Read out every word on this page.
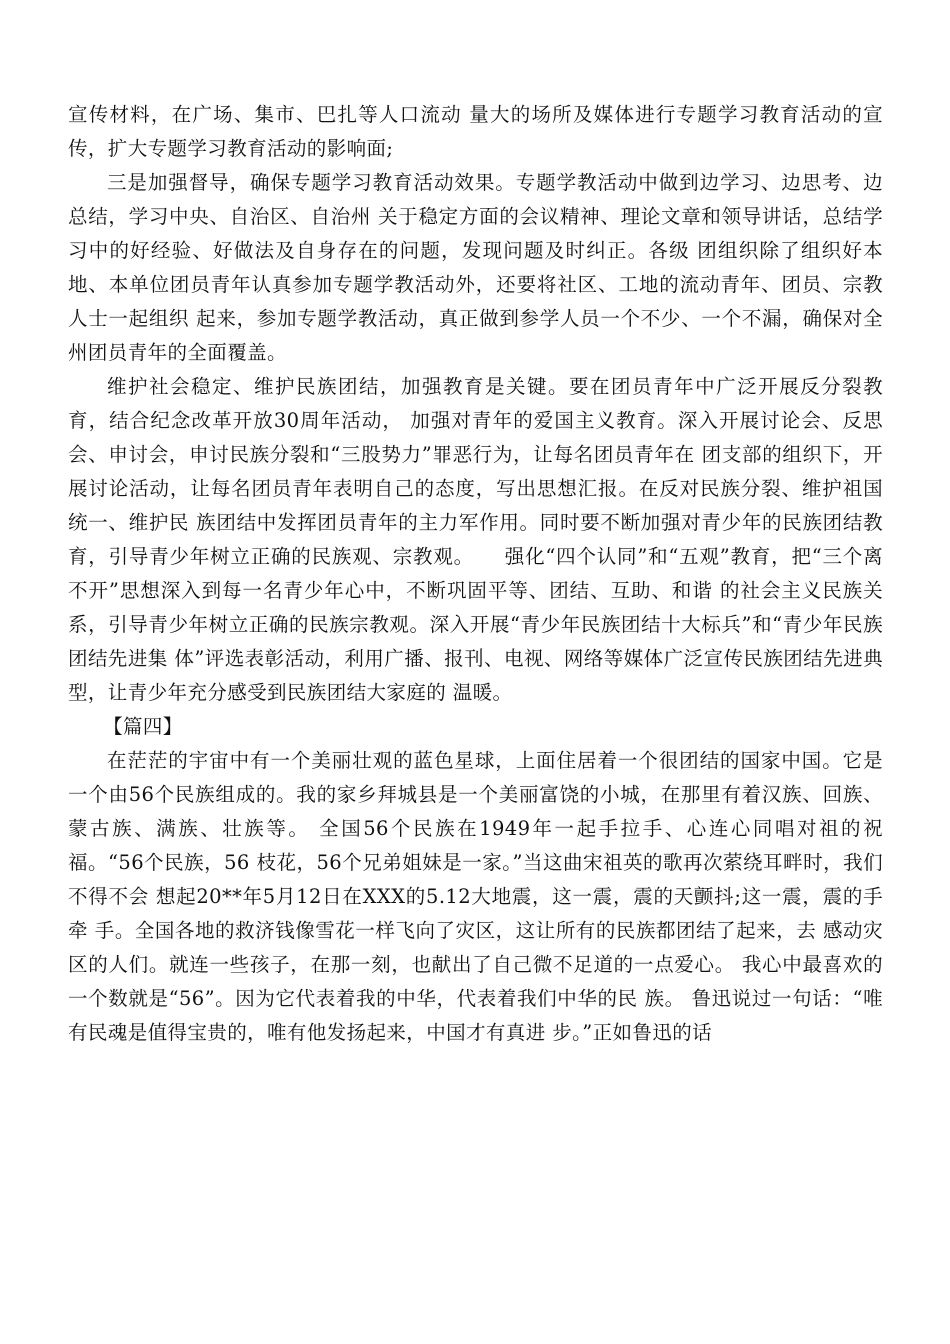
宣传材料，在广场、集市、巴扎等人口流动 量大的场所及媒体进行专题学习教育活动的宣传，扩大专题学习教育活动的影响面;

三是加强督导，确保专题学习教育活动效果。专题学教活动中做到边学习、边思考、边总结，学习中央、自治区、自治州 关于稳定方面的会议精神、理论文章和领导讲话，总结学习中的好经验、好做法及自身存在的问题，发现问题及时纠正。各级 团组织除了组织好本地、本单位团员青年认真参加专题学教活动外，还要将社区、工地的流动青年、团员、宗教人士一起组织 起来，参加专题学教活动，真正做到参学人员一个不少、一个不漏，确保对全州团员青年的全面覆盖。

维护社会稳定、维护民族团结，加强教育是关键。要在团员青年中广泛开展反分裂教育，结合纪念改革开放30周年活动， 加强对青年的爱国主义教育。深入开展讨论会、反思会、申讨会，申讨民族分裂和“三股势力”罪恶行为，让每名团员青年在 团支部的组织下，开展讨论活动，让每名团员青年表明自己的态度，写出思想汇报。在反对民族分裂、维护祖国统一、维护民 族团结中发挥团员青年的主力军作用。同时要不断加强对青少年的民族团结教育，引导青少年树立正确的民族观、宗教观。　　强化“四个认同”和“五观”教育，把“三个离不开”思想深入到每一名青少年心中，不断巩固平等、团结、互助、和谐 的社会主义民族关系，引导青少年树立正确的民族宗教观。深入开展“青少年民族团结十大标兵”和“青少年民族团结先进集 体”评选表彰活动，利用广播、报刊、电视、网络等媒体广泛宣传民族团结先进典型，让青少年充分感受到民族团结大家庭的 温暖。

【篇四】

在茫茫的宇宙中有一个美丽壮观的蓝色星球，上面住居着一个很团结的国家中国。它是一个由56个民族组成的。我的家乡拜城县是一个美丽富饶的小城，在那里有着汉族、回族、蒙古族、满族、壮族等。 全国56个民族在1949年一起手拉手、心连心同唱对祖的祝福。“56个民族，56 枝花，56个兄弟姐妹是一家。”当这曲宋祖英的歌再次萦绕耳畔时，我们不得不会 想起20**年5月12日在XXX的5.12大地震，这一震，震的天颤抖;这一震，震的手牵 手。全国各地的救济钱像雪花一样飞向了灾区，这让所有的民族都团结了起来，去 感动灾区的人们。就连一些孩子，在那一刻，也献出了自己微不足道的一点爱心。 我心中最喜欢的一个数就是“56”。因为它代表着我的中华，代表着我们中华的民 族。 鲁迅说过一句话：“唯有民魂是值得宝贵的，唯有他发扬起来，中国才有真进 步。”正如鲁迅的话
